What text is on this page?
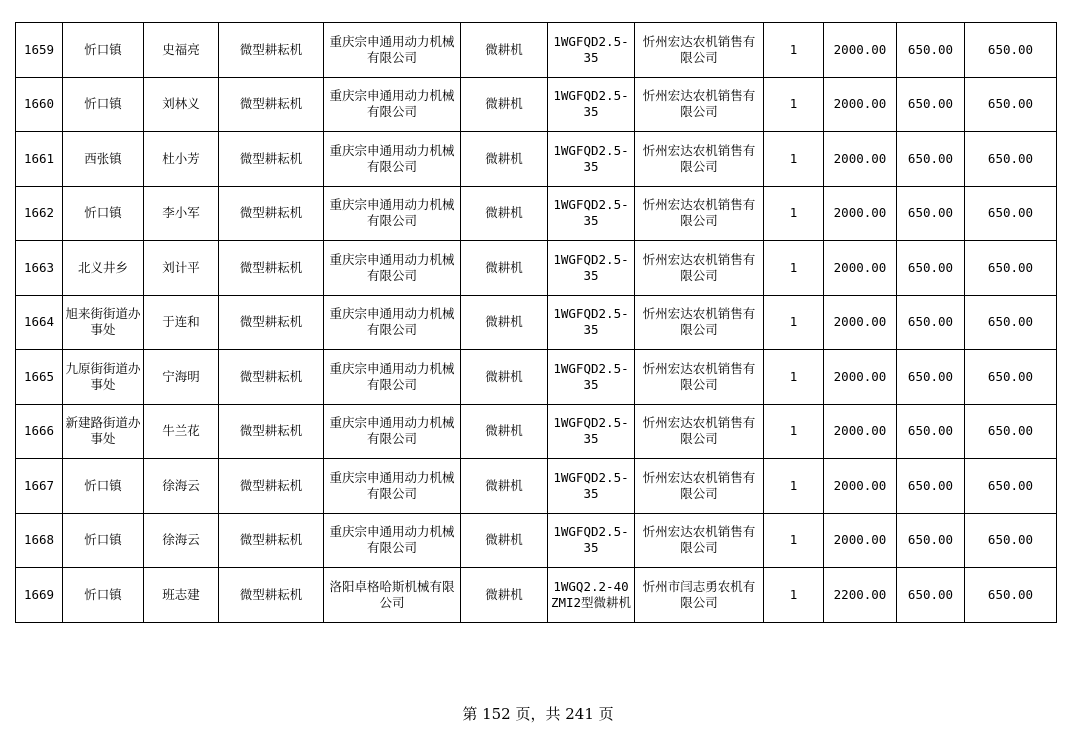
1659	忻口镇	史福亮	微型耕耘机	重庆宗申通用动力机械有限公司	微耕机	1WGFQD2.5-35	忻州宏达农机销售有限公司	1	2000.00	650.00	650.00
1660	忻口镇	刘林义	微型耕耘机	重庆宗申通用动力机械有限公司	微耕机	1WGFQD2.5-35	忻州宏达农机销售有限公司	1	2000.00	650.00	650.00
1661	西张镇	杜小芳	微型耕耘机	重庆宗申通用动力机械有限公司	微耕机	1WGFQD2.5-35	忻州宏达农机销售有限公司	1	2000.00	650.00	650.00
1662	忻口镇	李小军	微型耕耘机	重庆宗申通用动力机械有限公司	微耕机	1WGFQD2.5-35	忻州宏达农机销售有限公司	1	2000.00	650.00	650.00
1663	北义井乡	刘计平	微型耕耘机	重庆宗申通用动力机械有限公司	微耕机	1WGFQD2.5-35	忻州宏达农机销售有限公司	1	2000.00	650.00	650.00
1664	旭来街街道办事处	于连和	微型耕耘机	重庆宗申通用动力机械有限公司	微耕机	1WGFQD2.5-35	忻州宏达农机销售有限公司	1	2000.00	650.00	650.00
1665	九原街街道办事处	宁海明	微型耕耘机	重庆宗申通用动力机械有限公司	微耕机	1WGFQD2.5-35	忻州宏达农机销售有限公司	1	2000.00	650.00	650.00
1666	新建路街道办事处	牛兰花	微型耕耘机	重庆宗申通用动力机械有限公司	微耕机	1WGFQD2.5-35	忻州宏达农机销售有限公司	1	2000.00	650.00	650.00
1667	忻口镇	徐海云	微型耕耘机	重庆宗申通用动力机械有限公司	微耕机	1WGFQD2.5-35	忻州宏达农机销售有限公司	1	2000.00	650.00	650.00
1668	忻口镇	徐海云	微型耕耘机	重庆宗申通用动力机械有限公司	微耕机	1WGFQD2.5-35	忻州宏达农机销售有限公司	1	2000.00	650.00	650.00
1669	忻口镇	班志建	微型耕耘机	洛阳卓格哈斯机械有限公司	微耕机	1WGQ2.2-40ZMI2型微耕机	忻州市闫志勇农机有限公司	1	2200.00	650.00	650.00
第 152 页，共 241 页
